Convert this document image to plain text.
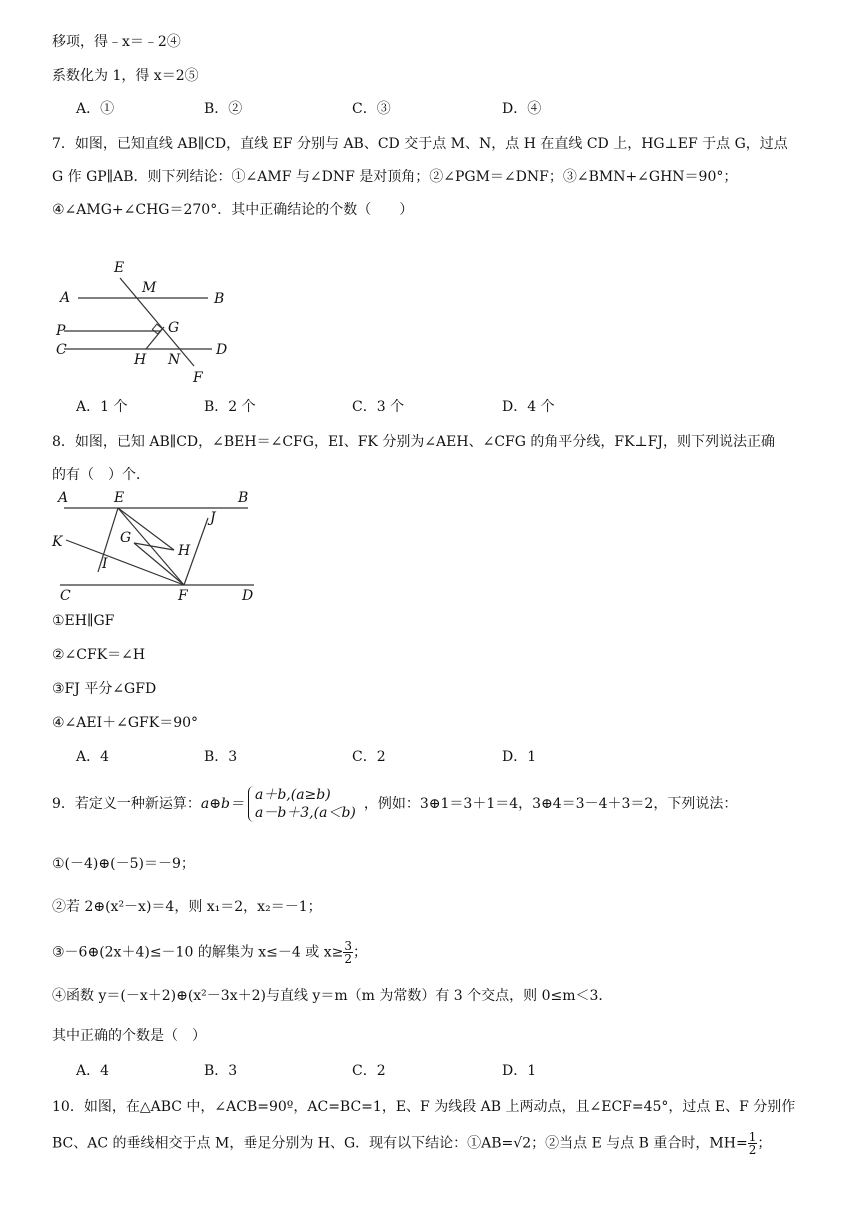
移项，得﹣x＝﹣2④
系数化为 1，得 x＝2⑤
A．①	B．②	C．③	D．④
7．如图，已知直线 AB∥CD，直线 EF 分别与 AB、CD 交于点 M、N，点 H 在直线 CD 上，HG⊥EF 于点 G，过点
G 作 GP∥AB．则下列结论：①∠AMF 与∠DNF 是对顶角；②∠PGM＝∠DNF；③∠BMN+∠GHN＝90°；
④∠AMG+∠CHG＝270°．其中正确结论的个数（　　）
E
M
A	B
P	G
C	D
H N
F
A．1 个	B．2 个	C．3 个	D．4 个
8．如图，已知 AB∥CD，∠BEH＝∠CFG，EI、FK 分别为∠AEH、∠CFG 的角平分线，FK⊥FJ，则下列说法正确
的有（　）个．
A	E	B
J
G
H
K
I
C	F	D
①EH∥GF
②∠CFK＝∠H
③FJ 平分∠GFD
④∠AEI＋∠GFK＝90°
A．4	B．3	C．2	D．1
9．若定义一种新运算：a⊕b＝
a＋b,(a≥b)
a－b＋3,(a＜b)
，例如：3⊕1＝3＋1＝4，3⊕4＝3－4＋3＝2，下列说法：
①(－4)⊕(－5)＝－9；
②若 2⊕(x²－x)＝4，则 x₁＝2，x₂＝－1；
③－6⊕(2x＋4)≤－10 的解集为 x≤－4 或 $x\ge \frac{3}{2}$ ；
④函数 y＝(－x＋2)⊕(x²－3x＋2)与直线 y＝m（m 为常数）有 3 个交点，则 0≤m＜3．
其中正确的个数是（　）
A．4	B．3	C．2	D．1
10．如图，在△ABC 中，∠ACB=90º，AC=BC=1，E、F 为线段 AB 上两动点，且∠ECF=45°，过点 E、F 分别作
BC、AC 的垂线相交于点 M，垂足分别为 H、G．现有以下结论：①AB=√2；②当点 E 与点 B 重合时，$MH= \frac{1}{2}$ ；
